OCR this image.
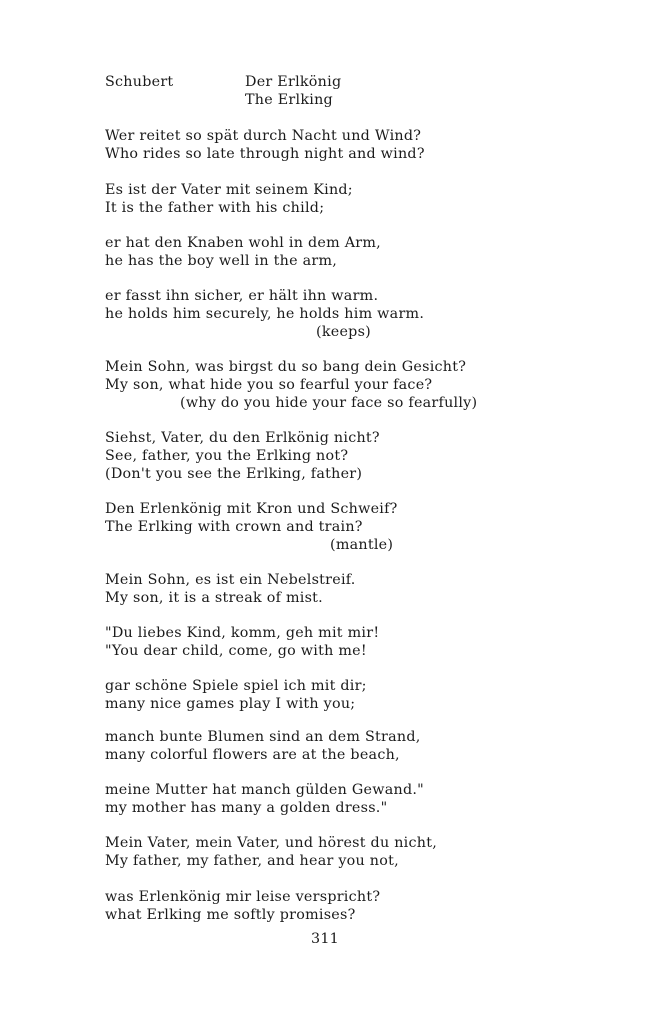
Schubert	Der Erlkönig
The Erlking
Wer reitet so spät durch Nacht und Wind?
Who rides so late through night and wind?
Es ist der Vater mit seinem Kind;
It is the father with his child;
er hat den Knaben wohl in dem Arm,
he has the boy well in the arm,
er fasst ihn sicher, er hält ihn warm.
he holds him securely, he holds him warm.
(keeps)
Mein Sohn, was birgst du so bang dein Gesicht?
My son, what hide you so fearful your face?
(why do you hide your face so fearfully)
Siehst, Vater, du den Erlkönig nicht?
See, father, you the Erlking not?
(Don't you see the Erlking, father)
Den Erlenkönig mit Kron und Schweif?
The Erlking with crown and train?
(mantle)
Mein Sohn, es ist ein Nebelstreif.
My son, it is a streak of mist.
"Du liebes Kind, komm, geh mit mir!
"You dear child, come, go with me!
gar schöne Spiele spiel ich mit dir;
many nice games play I with you;
manch bunte Blumen sind an dem Strand,
many colorful flowers are at the beach,
meine Mutter hat manch gülden Gewand."
my mother has many a golden dress."
Mein Vater, mein Vater, und hörest du nicht,
My father, my father, and hear you not,
was Erlenkönig mir leise verspricht?
what Erlking me softly promises?
311
